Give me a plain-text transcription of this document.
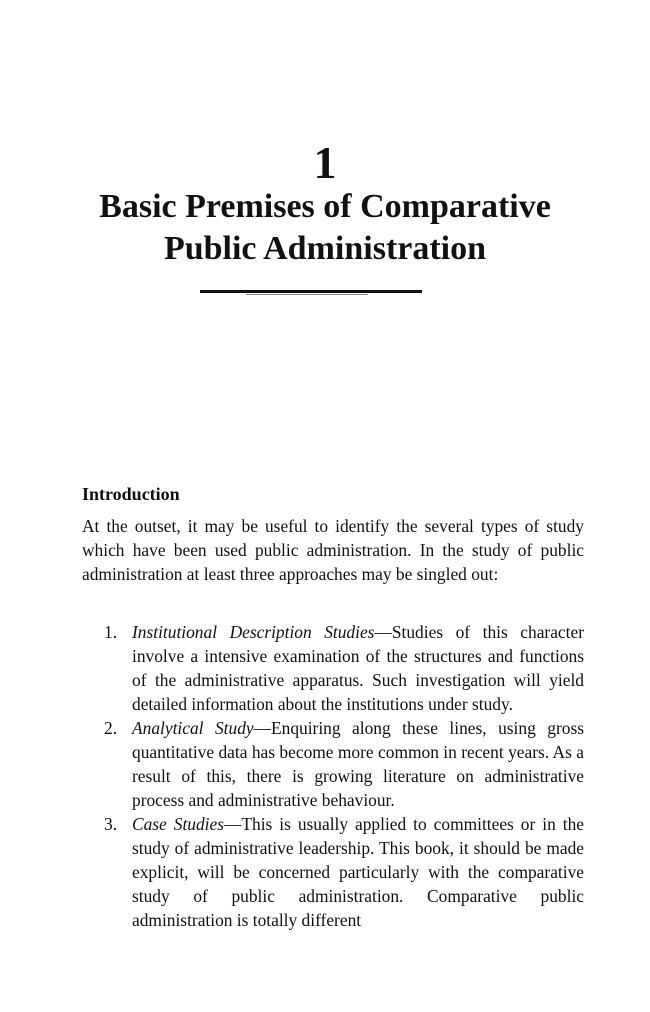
1
Basic Premises of Comparative
Public Administration
Introduction

At the outset, it may be useful to identify the several types of study which have been used public administration. In the study of public administration at least three approaches may be singled out:

1. Institutional Description Studies—Studies of this character involve a intensive examination of the structures and functions of the administrative apparatus. Such investigation will yield detailed information about the institutions under study.
2. Analytical Study—Enquiring along these lines, using gross quantitative data has become more common in recent years. As a result of this, there is growing literature on administrative process and administrative behaviour.
3. Case Studies—This is usually applied to committees or in the study of administrative leadership. This book, it should be made explicit, will be concerned particularly with the comparative study of public administration. Comparative public administration is totally different
